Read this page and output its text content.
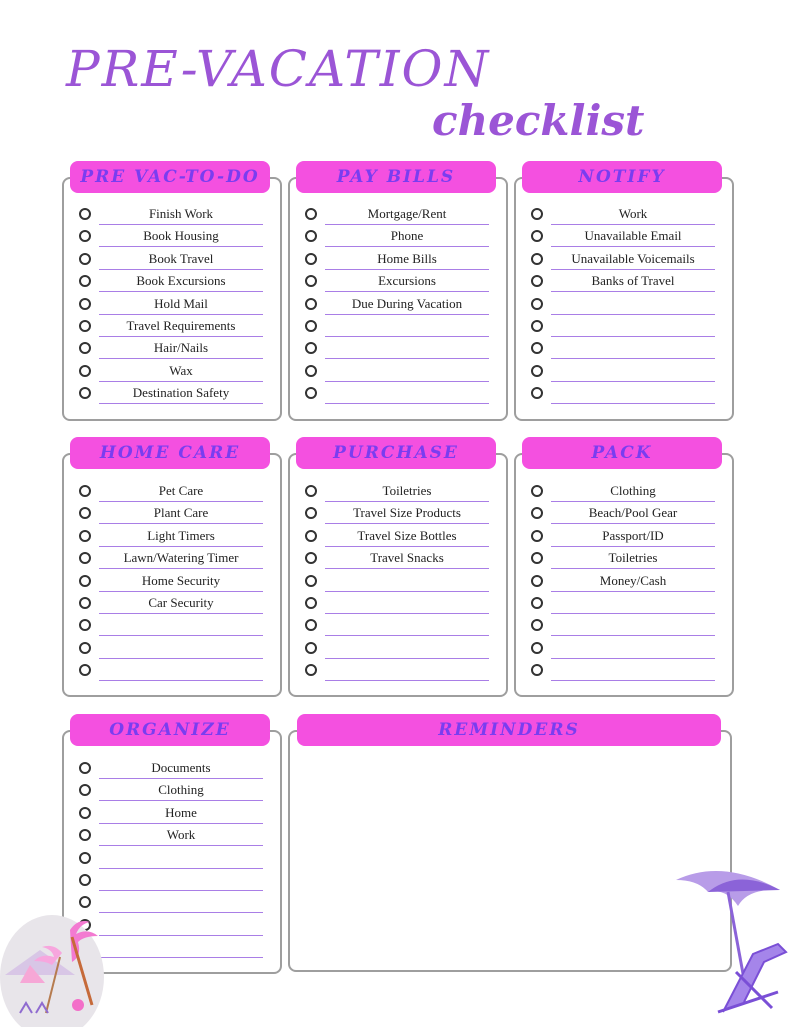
PRE-VACATION
checklist
PRE VAC-TO-DO
Finish Work
Book Housing
Book Travel
Book Excursions
Hold Mail
Travel Requirements
Hair/Nails
Wax
Destination Safety
PAY BILLS
Mortgage/Rent
Phone
Home Bills
Excursions
Due During Vacation
NOTIFY
Work
Unavailable Email
Unavailable Voicemails
Banks of Travel
HOME CARE
Pet Care
Plant Care
Light Timers
Lawn/Watering Timer
Home Security
Car Security
PURCHASE
Toiletries
Travel Size Products
Travel Size Bottles
Travel Snacks
PACK
Clothing
Beach/Pool Gear
Passport/ID
Toiletries
Money/Cash
ORGANIZE
Documents
Clothing
Home
Work
REMINDERS
